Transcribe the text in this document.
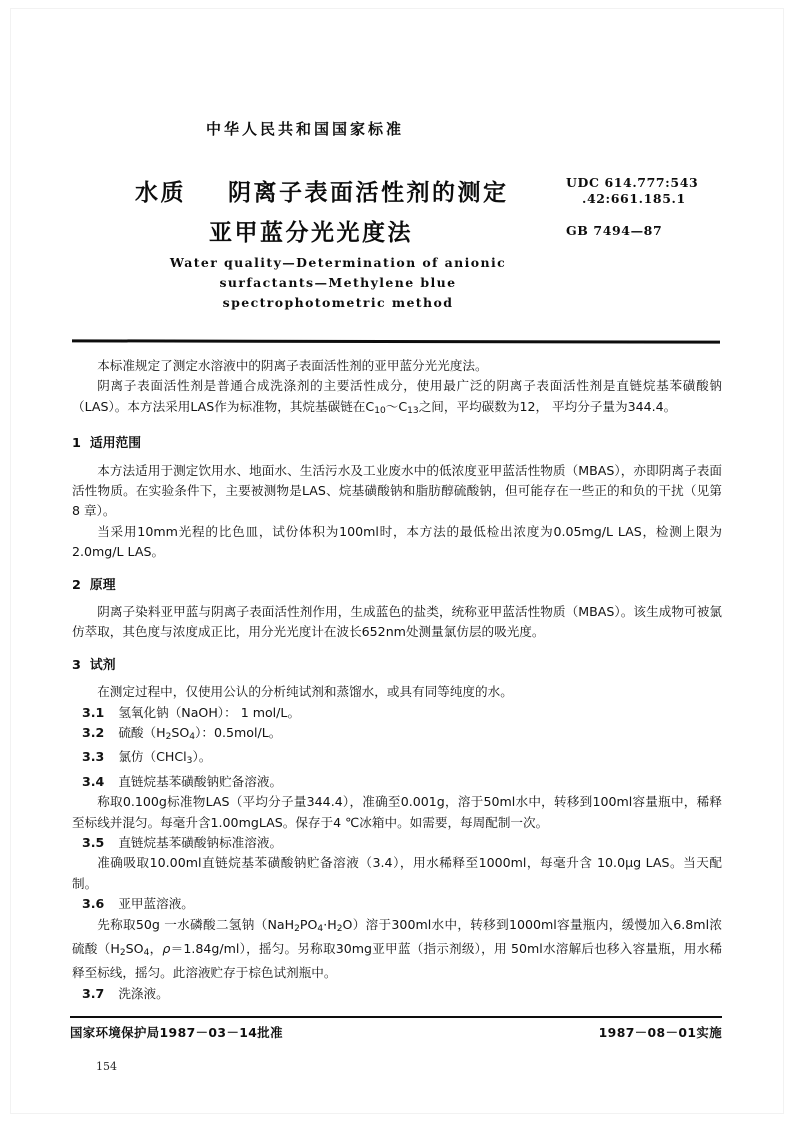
中华人民共和国国家标准
水质    阴离子表面活性剂的测定
亚甲蓝分光光度法
UDC 614.777:543
.42:661.185.1
GB 7494—87
Water quality—Determination of anionic
surfactants—Methylene blue
spectrophotometric method

本标准规定了测定水溶液中的阴离子表面活性剂的亚甲蓝分光光度法。

阴离子表面活性剂是普通合成洗涤剂的主要活性成分，使用最广泛的阴离子表面活性剂是直链烷基苯磺酸钠（LAS）。本方法采用LAS作为标准物，其烷基碳链在$C_{10}\sim C_{13}$之间，平均碳数为12， 平均分子量为344.4。

1 适用范围

本方法适用于测定饮用水、地面水、生活污水及工业废水中的低浓度亚甲蓝活性物质（MBAS），亦即阴离子表面活性物质。在实验条件下，主要被测物是LAS、烷基磺酸钠和脂肪醇硫酸钠，但可能存在一些正的和负的干扰（见第 8 章）。

当采用10mm光程的比色皿，试份体积为100ml时，本方法的最低检出浓度为0.05mg/L LAS，检测上限为2.0mg/L LAS。

2 原理

阴离子染料亚甲蓝与阴离子表面活性剂作用，生成蓝色的盐类，统称亚甲蓝活性物质（MBAS）。该生成物可被氯仿萃取，其色度与浓度成正比，用分光光度计在波长652nm处测量氯仿层的吸光度。

3 试剂

在测定过程中，仅使用公认的分析纯试剂和蒸馏水，或具有同等纯度的水。

3.1 氢氧化钠（NaOH）： 1 mol/L。

3.2 硫酸$(H_2SO_4)$：0.5mol/L。

3.3 氯仿（CHCl$_3$）。

3.4 直链烷基苯磺酸钠贮备溶液。

称取0.100g标准物LAS（平均分子量344.4），准确至0.001g，溶于50ml水中，转移到100ml容量瓶中，稀释至标线并混匀。每毫升含1.00mgLAS。保存于4 ℃冰箱中。如需要，每周配制一次。

3.5 直链烷基苯磺酸钠标准溶液。

准确吸取10.00ml直链烷基苯磺酸钠贮备溶液（3.4），用水稀释至1000ml，每毫升含 10.0μg LAS。当天配制。

3.6 亚甲蓝溶液。

先称取50g 一水磷酸二氢钠$(NaH_2PO_4\cdot H_2O)$溶于300ml水中，转移到1000ml容量瓶内，缓慢加入6.8ml浓硫酸（$H_2SO_4$，ρ＝1.84g/ml），摇匀。另称取30mg亚甲蓝（指示剂级），用 50ml水溶解后也移入容量瓶，用水稀释至标线，摇匀。此溶液贮存于棕色试剂瓶中。

3.7 洗涤液。

国家环境保护局1987－03－14批准	1987－08－01实施
154
